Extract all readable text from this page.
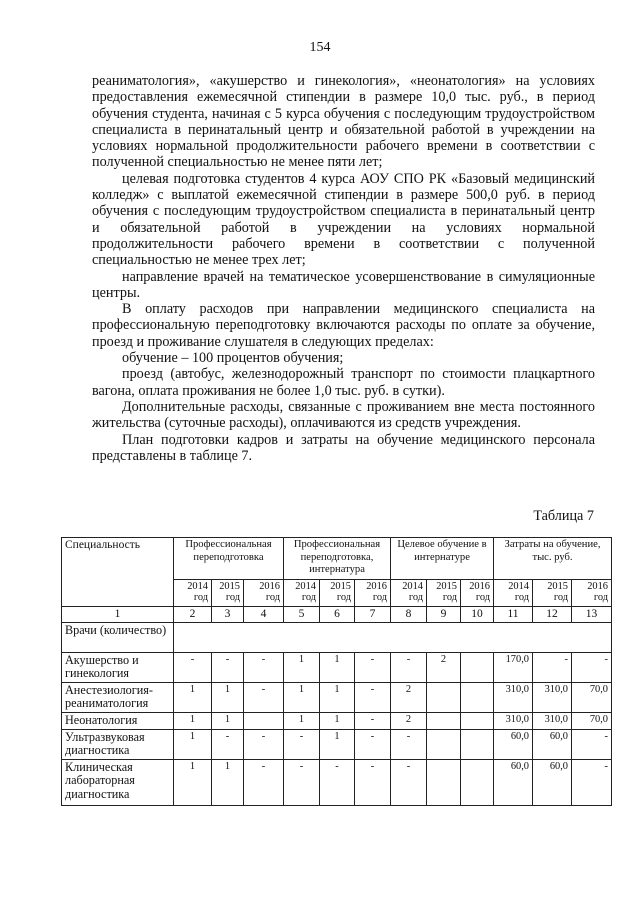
154

реаниматология», «акушерство и гинекология», «неонатология» на условиях предоставления ежемесячной стипендии в размере 10,0 тыс. руб., в период обучения студента, начиная с 5 курса обучения с последующим трудоустройством специалиста в перинатальный центр и обязательной работой в учреждении на условиях нормальной продолжительности рабочего времени в соответствии с полученной специальностью не менее пяти лет;

целевая подготовка студентов 4 курса АОУ СПО РК «Базовый медицинский колледж» с выплатой ежемесячной стипендии в размере 500,0 руб. в период обучения с последующим трудоустройством специалиста в перинатальный центр и обязательной работой в учреждении на условиях нормальной продолжительности рабочего времени в соответствии с полученной специальностью не менее трех лет;

направление врачей на тематическое усовершенствование в симуляционные центры.

В оплату расходов при направлении медицинского специалиста на профессиональную переподготовку включаются расходы по оплате за обучение, проезд и проживание слушателя в следующих пределах:

обучение – 100 процентов обучения;

проезд (автобус, железнодорожный транспорт по стоимости плацкартного вагона, оплата проживания не более 1,0 тыс. руб. в сутки).

Дополнительные расходы, связанные с проживанием вне места постоянного жительства (суточные расходы), оплачиваются из средств учреждения.

План подготовки кадров и затраты на обучение медицинского персонала представлены в таблице 7.

Таблица 7
Специальность	Профессиональная переподготовка			Профессиональная переподготовка, интернатура			Целевое обучение в интернатуре			Затраты на обучение, тыс. руб.		
	2014 год	2015 год	2016 год	2014 год	2015 год	2016 год	2014 год	2015 год	2016 год	2014 год	2015 год	2016 год
1	2	3	4	5	6	7	8	9	10	11	12	13
Врачи (количество)												
Акушерство и гинекология	-	-	-	1	1	-	-	2		170,0	-	-
Анестезиология-реаниматология	1	1	-	1	1	-	2			310,0	310,0	70,0
Неонатология	1	1		1	1	-	2			310,0	310,0	70,0
Ультразвуковая диагностика	1	-	-	-	1	-	-			60,0	60,0	-
Клиническая лабораторная диагностика	1	1	-	-	-	-	-			60,0	60,0	-
